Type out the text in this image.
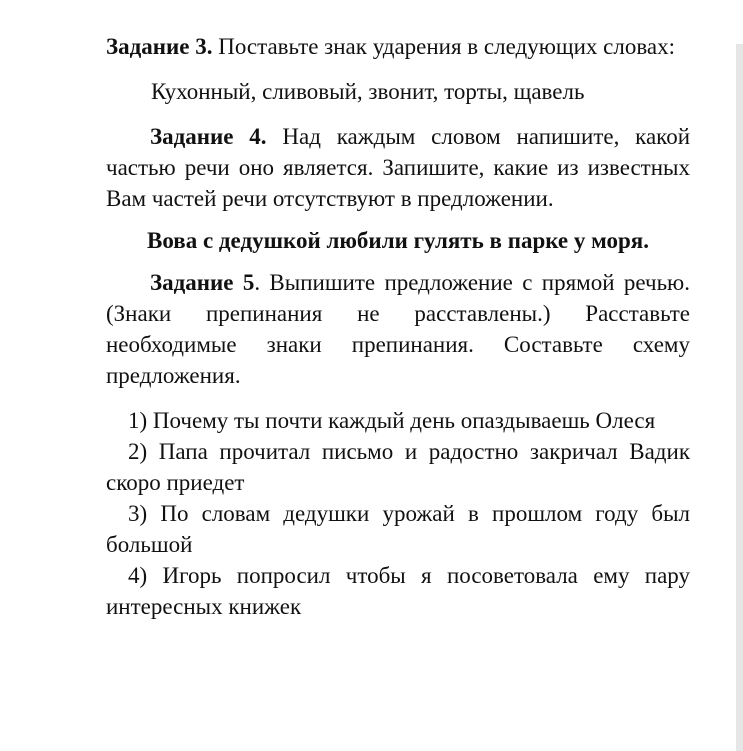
Задание 3. Поставьте знак ударения в следующих словах:

Кухонный, сливовый, звонит, торты, щавель

Задание 4. Над каждым словом напишите, какой частью речи оно является. Запишите, какие из известных Вам частей речи отсутствуют в предложении.

Вова с дедушкой любили гулять в парке у моря.

Задание 5. Выпишите предложение с прямой речью. (Знаки препинания не расставлены.) Расставьте необходимые знаки препинания. Составьте схему предложения.

1) Почему ты почти каждый день опаздываешь Олеся

2) Папа прочитал письмо и радостно закричал Вадик скоро приедет

3) По словам дедушки урожай в прошлом году был большой

4) Игорь попросил чтобы я посоветовала ему пару интересных книжек
